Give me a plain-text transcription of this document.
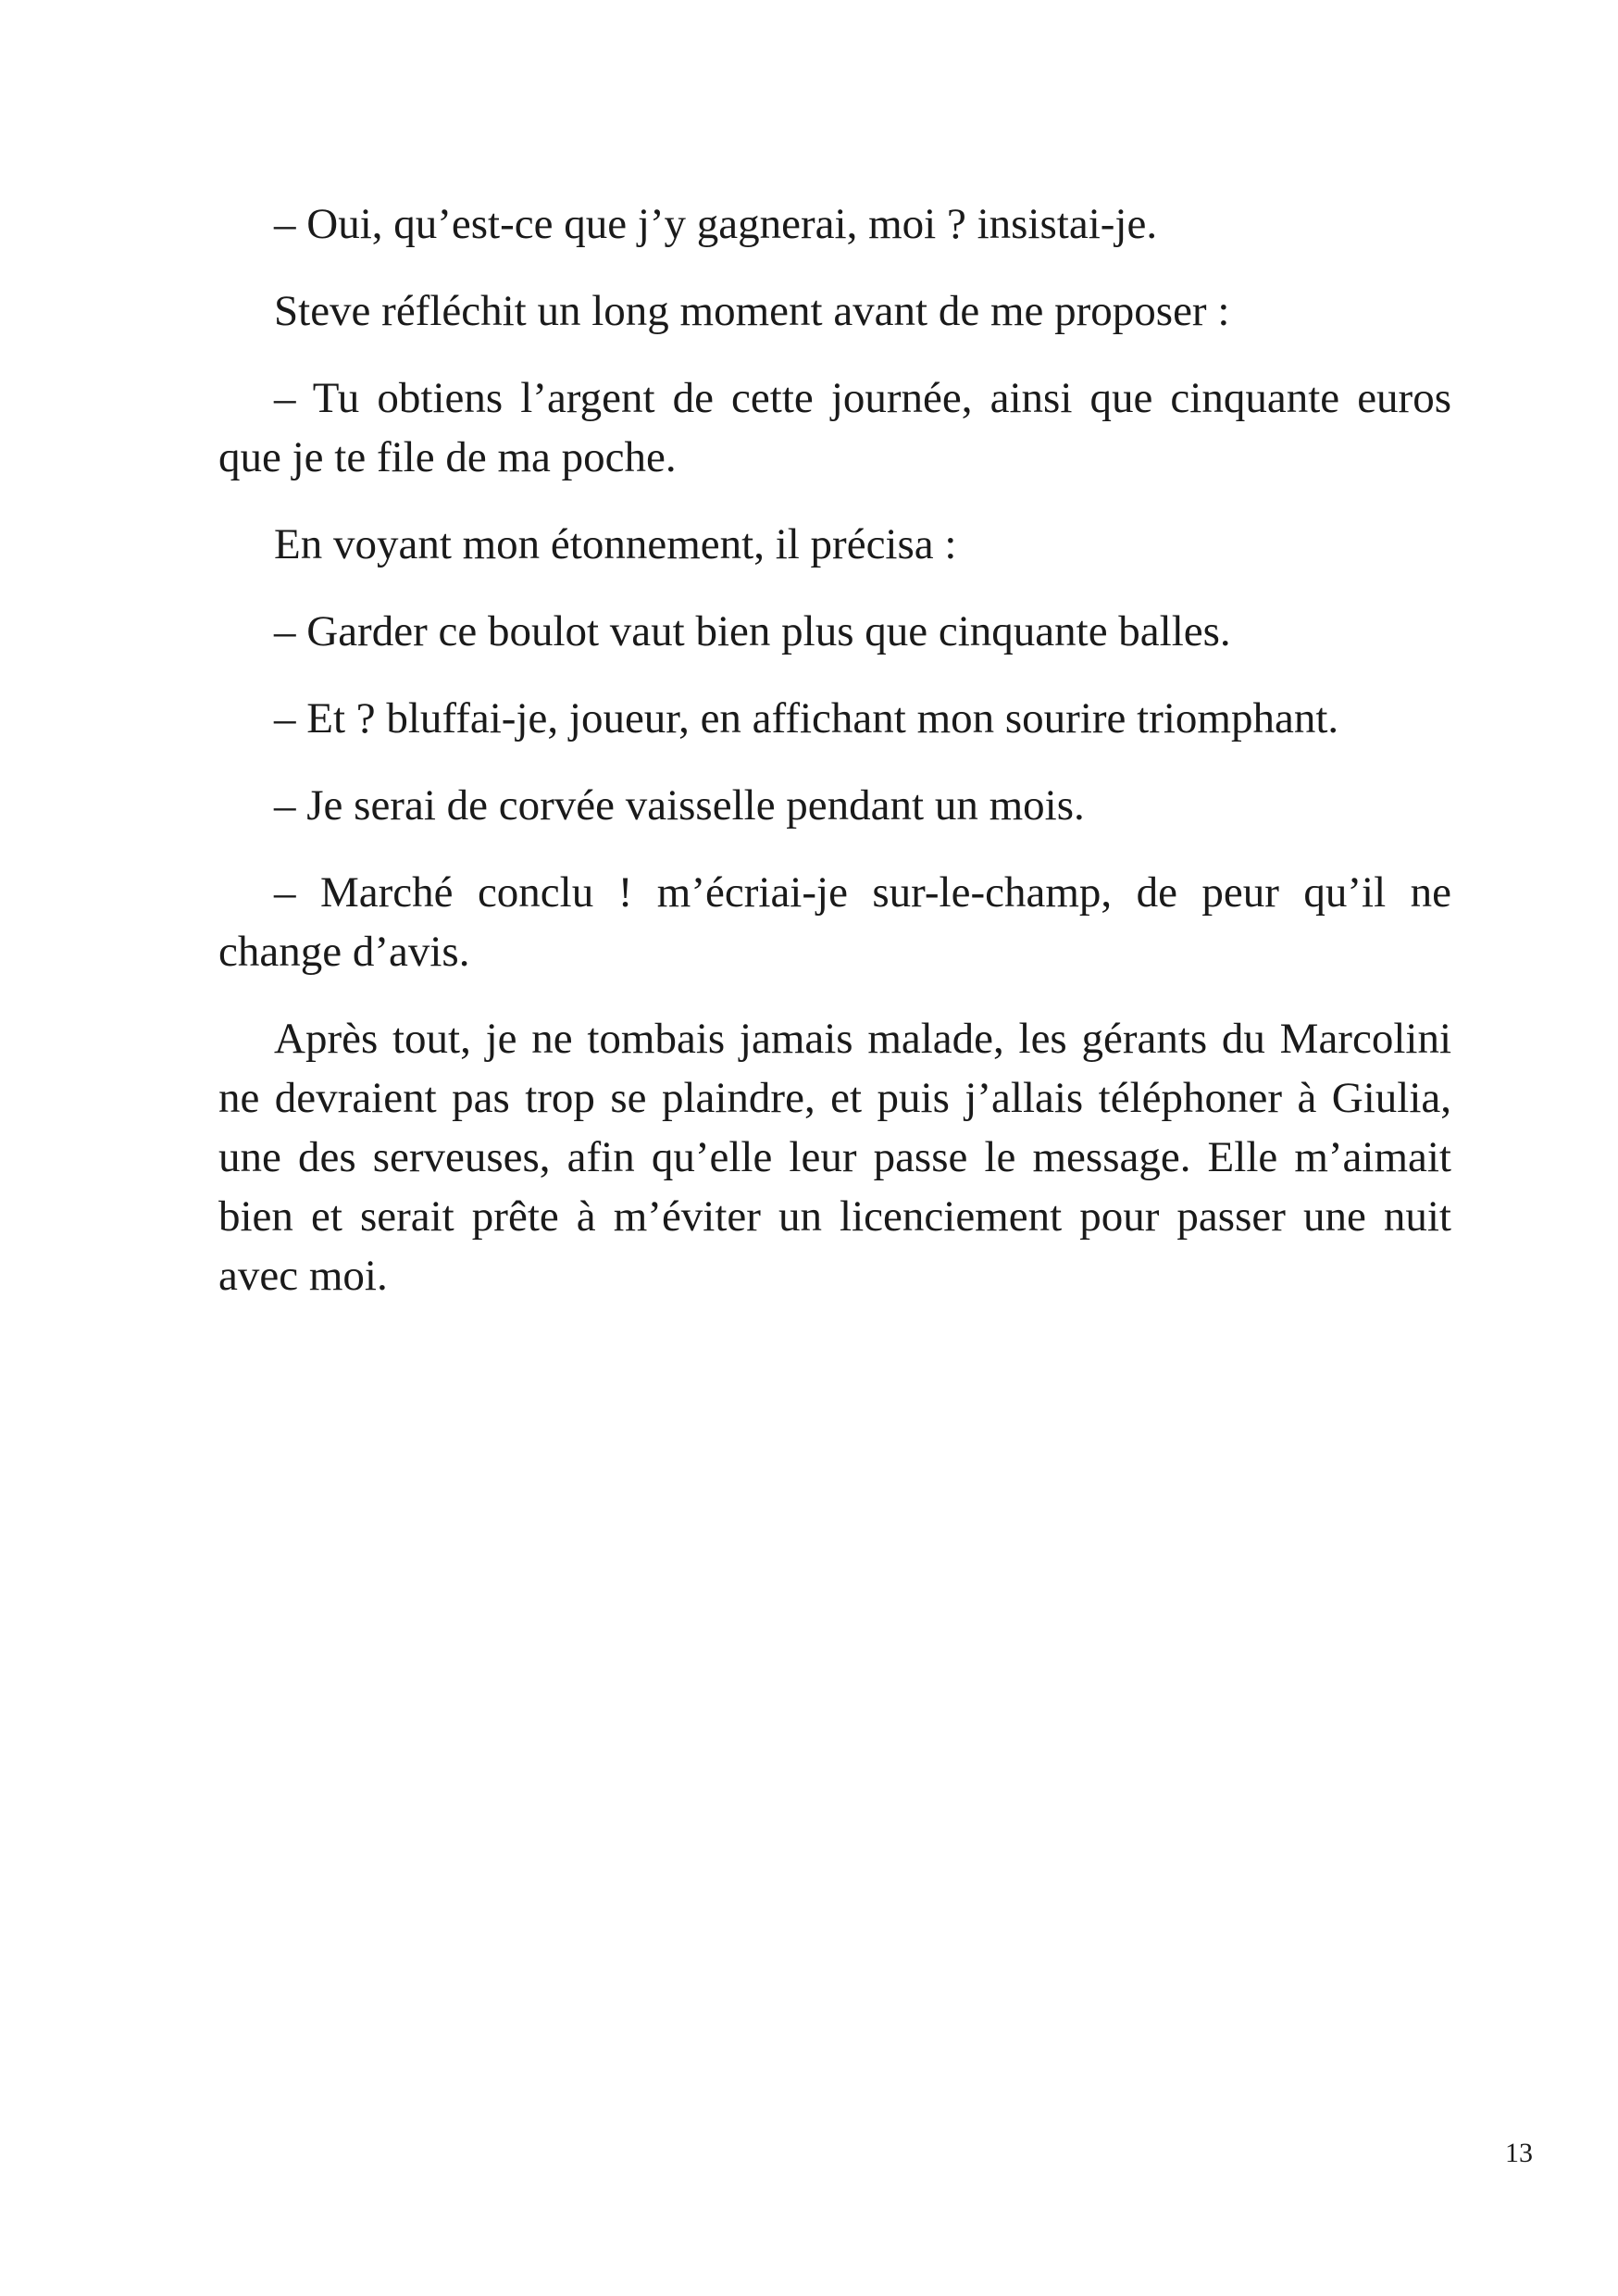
– Oui, qu’est-ce que j’y gagnerai, moi ? insistai-je.

Steve réfléchit un long moment avant de me proposer :

– Tu obtiens l’argent de cette journée, ainsi que cinquante euros que je te file de ma poche.

En voyant mon étonnement, il précisa :

– Garder ce boulot vaut bien plus que cinquante balles.

– Et ? bluffai-je, joueur, en affichant mon sourire triomphant.

– Je serai de corvée vaisselle pendant un mois.

– Marché conclu ! m’écriai-je sur-le-champ, de peur qu’il ne change d’avis.

Après tout, je ne tombais jamais malade, les gérants du Marcolini ne devraient pas trop se plaindre, et puis j’allais téléphoner à Giulia, une des serveuses, afin qu’elle leur passe le message. Elle m’aimait bien et serait prête à m’éviter un licenciement pour passer une nuit avec moi.

13
